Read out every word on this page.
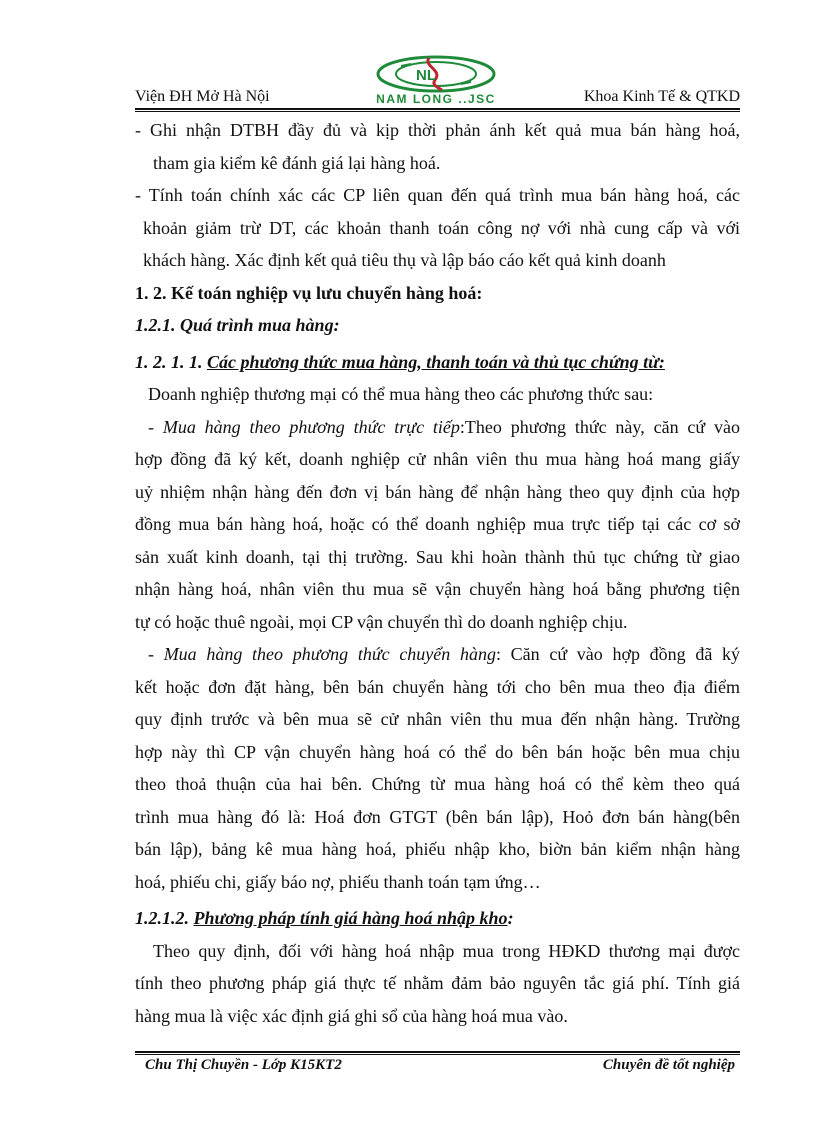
Viện ĐH Mở Hà Nội
NL
NAM LONG ..JSC	Khoa Kinh Tế & QTKD
- Ghi nhận DTBH đầy đủ và kịp thời phản ánh kết quả mua bán hàng hoá,
tham gia kiểm kê đánh giá lại hàng hoá.
- Tính toán chính xác các CP liên quan đến quá trình mua bán hàng hoá, các
khoản giảm trừ DT, các khoản thanh toán công nợ với nhà cung cấp và với
khách hàng. Xác định kết quả tiêu thụ và lập báo cáo kết quả kinh doanh
1. 2. Kế toán nghiệp vụ lưu chuyển hàng hoá:
1.2.1. Quá trình mua hàng:
1. 2. 1. 1. Các phương thức mua hàng, thanh toán và thủ tục chứng từ:
Doanh nghiệp thương mại có thể mua hàng theo các phương thức sau:
- Mua hàng theo phương thức trực tiếp:Theo phương thức này, căn cứ vào
hợp đồng đã ký kết, doanh nghiệp cử nhân viên thu mua hàng hoá mang giấy
uỷ nhiệm nhận hàng đến đơn vị bán hàng để nhận hàng theo quy định của hợp
đồng mua bán hàng hoá, hoặc có thể doanh nghiệp mua trực tiếp tại các cơ sở
sản xuất kinh doanh, tại thị trường. Sau khi hoàn thành thủ tục chứng từ giao
nhận hàng hoá, nhân viên thu mua sẽ vận chuyển hàng hoá bằng phương tiện
tự có hoặc thuê ngoài, mọi CP vận chuyển thì do doanh nghiệp chịu.
- Mua hàng theo phương thức chuyển hàng: Căn cứ vào hợp đồng đã ký
kết hoặc đơn đặt hàng, bên bán chuyển hàng tới cho bên mua theo địa điểm
quy định trước và bên mua sẽ cử nhân viên thu mua đến nhận hàng. Trường
hợp này thì CP vận chuyển hàng hoá có thể do bên bán hoặc bên mua chịu
theo thoả thuận của hai bên. Chứng từ mua hàng hoá có thể kèm theo quá
trình mua hàng đó là: Hoá đơn GTGT (bên bán lập), Hoỏ đơn bán hàng(bên
bán lập), bảng kê mua hàng hoá, phiếu nhập kho, biờn bản kiểm nhận hàng
hoá, phiếu chi, giấy báo nợ, phiếu thanh toán tạm ứng…
1.2.1.2. Phương pháp tính giá hàng hoá nhập kho:
Theo quy định, đối với hàng hoá nhập mua trong HĐKD thương mại được
tính theo phương pháp giá thực tế nhằm đảm bảo nguyên tắc giá phí. Tính giá
hàng mua là việc xác định giá ghi sổ của hàng hoá mua vào.
Chu Thị Chuyền - Lớp K15KT2	Chuyên đề tốt nghiệp
